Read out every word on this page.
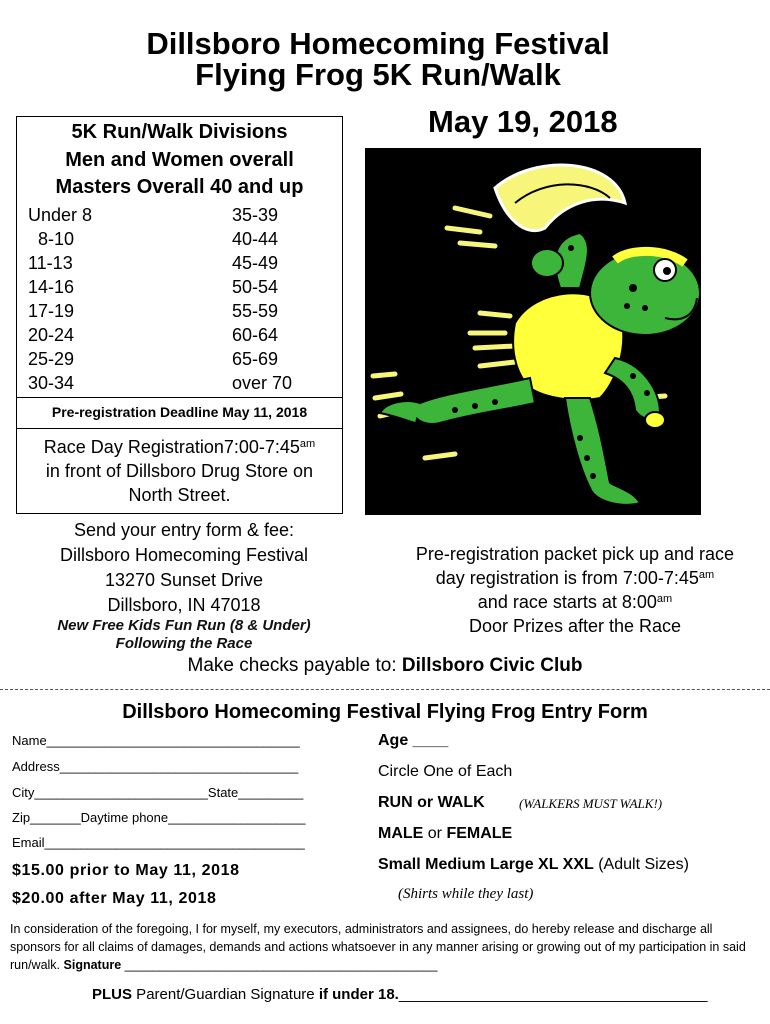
Dillsboro Homecoming Festival
Flying Frog 5K Run/Walk
May 19, 2018
5K Run/Walk Divisions
Men and Women overall
Masters Overall 40 and up
Under 8
8-10
11-13
14-16
17-19
20-24
25-29
30-34
35-39
40-44
45-49
50-54
55-59
60-64
65-69
over 70
Pre-registration Deadline May 11, 2018
Race Day $Registration7:00-7:45^{am}$
in front of Dillsboro Drug Store on
North Street.
Send your entry form & fee:
Dillsboro Homecoming Festival
13270 Sunset Drive
Dillsboro, IN 47018
New Free Kids Fun Run (8 & Under)
Following the Race
Pre-registration packet pick up and race
day registration is from $7:00-7:45^{am}$
and race starts at $8:00^{am}$
Door Prizes after the Race
Make checks payable to: Dillsboro Civic Club
Dillsboro Homecoming Festival Flying Frog Entry Form
Name___________________________________
Address_________________________________
City________________________State_________
Zip_______Daytime phone___________________
Email____________________________________
$15.00 prior to May 11, 2018
$20.00 after May 11, 2018
Age ____
Circle One of Each
RUN or WALK	(WALKERS MUST WALK!)
MALE or FEMALE
Small Medium Large XL XXL (Adult Sizes)
(Shirts while they last)
In consideration of the foregoing, I for myself, my executors, administrators and assignees, do hereby release and discharge all sponsors for all claims of damages, demands and actions whatsoever in any manner arising or growing out of my participation in said run/walk. Signature _____________________________________________
PLUS Parent/Guardian Signature if under 18._____________________________________
